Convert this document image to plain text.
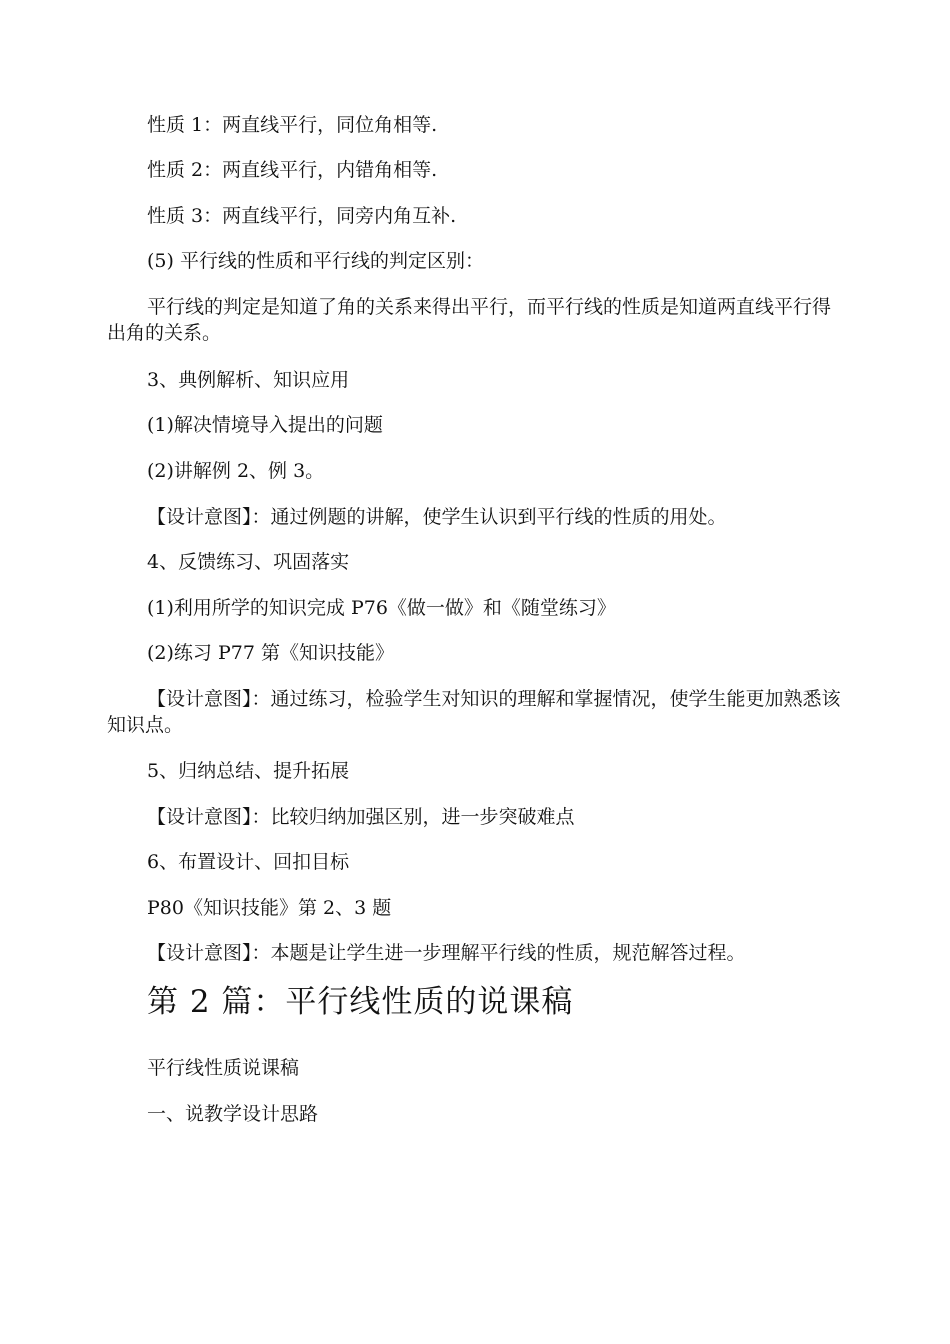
性质 1：两直线平行，同位角相等.

性质 2：两直线平行，内错角相等.

性质 3：两直线平行，同旁内角互补.

(5) 平行线的性质和平行线的判定区别：

平行线的判定是知道了角的关系来得出平行，而平行线的性质是知道两直线平行得出角的关系。

3、典例解析、知识应用

(1)解决情境导入提出的问题

(2)讲解例 2、例 3。

【设计意图】：通过例题的讲解，使学生认识到平行线的性质的用处。

4、反馈练习、巩固落实

(1)利用所学的知识完成 P76《做一做》和《随堂练习》

(2)练习 P77 第《知识技能》

【设计意图】：通过练习，检验学生对知识的理解和掌握情况，使学生能更加熟悉该知识点。

5、归纳总结、提升拓展

【设计意图】：比较归纳加强区别，进一步突破难点

6、布置设计、回扣目标

P80《知识技能》第 2、3 题

【设计意图】：本题是让学生进一步理解平行线的性质，规范解答过程。

第 2 篇：平行线性质的说课稿

平行线性质说课稿

一、说教学设计思路
